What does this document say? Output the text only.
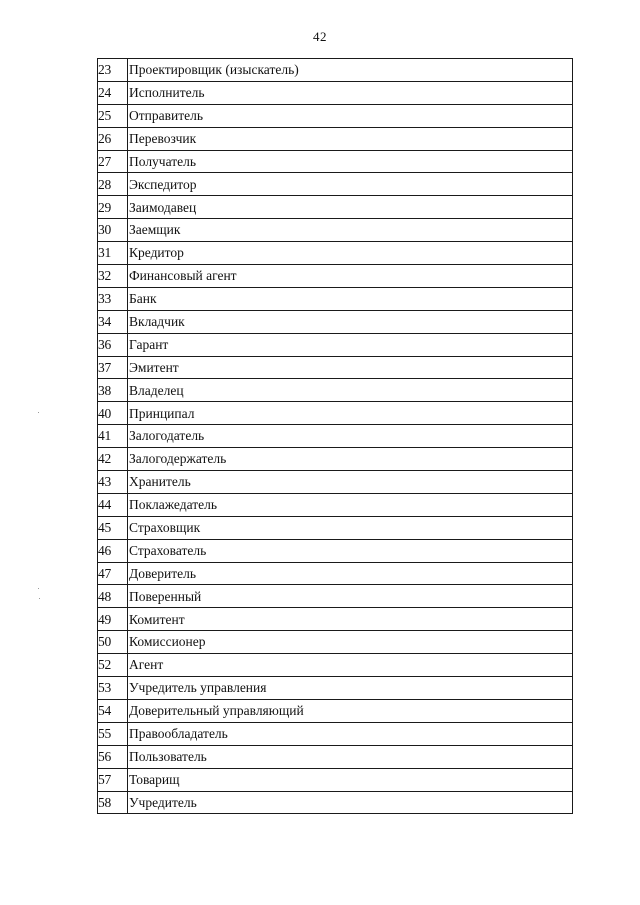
42
23	Проектировщик (изыскатель)
24	Исполнитель
25	Отправитель
26	Перевозчик
27	Получатель
28	Экспедитор
29	Заимодавец
30	Заемщик
31	Кредитор
32	Финансовый агент
33	Банк
34	Вкладчик
36	Гарант
37	Эмитент
38	Владелец
40	Принципал
41	Залогодатель
42	Залогодержатель
43	Хранитель
44	Поклажедатель
45	Страховщик
46	Страхователь
47	Доверитель
48	Поверенный
49	Комитент
50	Комиссионер
52	Агент
53	Учредитель управления
54	Доверительный управляющий
55	Правообладатель
56	Пользователь
57	Товарищ
58	Учредитель
